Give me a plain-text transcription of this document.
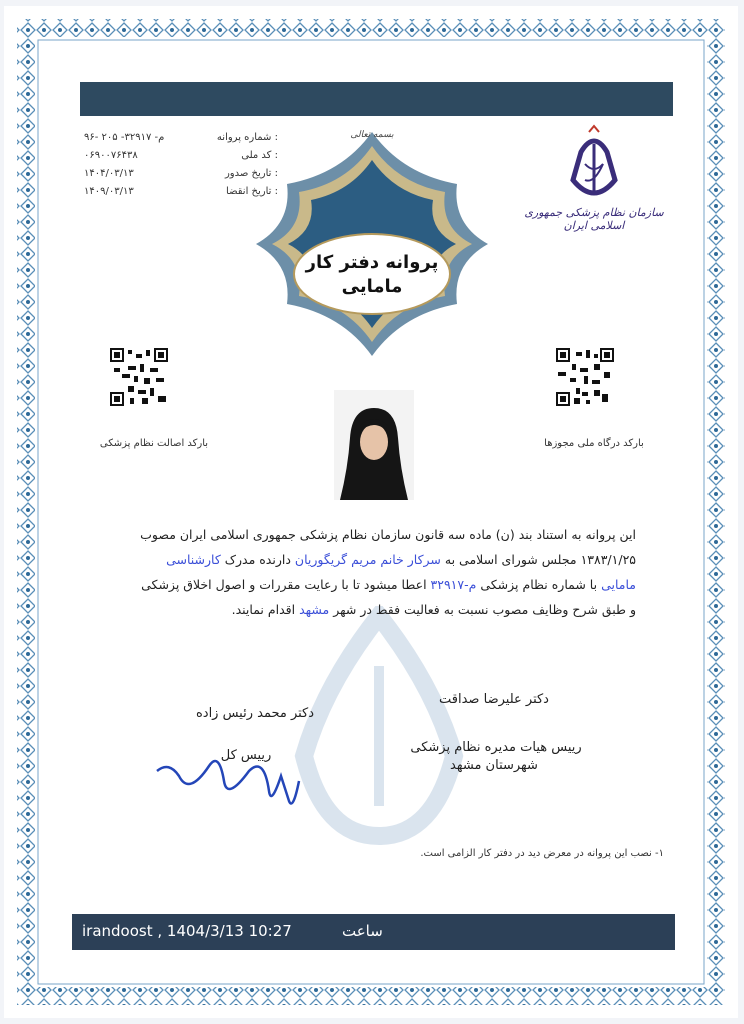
شماره پروانه :
۹۶- م- ۳۲۹۱۷- ۲۰۵
کد ملی :
۰۶۹۰۰۷۶۴۳۸
تاریخ صدور :
۱۴۰۴/۰۳/۱۳
تاریخ انقضا :
۱۴۰۹/۰۳/۱۳
سازمان نظام پزشکی جمهوری اسلامی ایران
بسمه تعالی
پروانه دفتر کار
مامایی
بارکد اصالت نظام پزشکی	بارکد درگاه ملی مجوزها
این پروانه به استناد بند (ن) ماده سه قانون سازمان نظام پزشکی جمهوری اسلامی ایران مصوب
۱۳۸۳/۱/۲۵ مجلس شورای اسلامی به سرکار خانم مریم گریگوریان دارنده مدرک کارشناسی
مامایی با شماره نظام پزشکی م-۳۲۹۱۷ اعطا میشود تا با رعایت مقررات و اصول اخلاق پزشکی
و طبق شرح وظایف مصوب نسبت به فعالیت فقط در شهر مشهد اقدام نمایند.
دکتر محمد رئیس زاده
رییس کل
دکتر علیرضا صداقت
رییس هیات مدیره نظام پزشکی
شهرستان مشهد
۱- نصب این پروانه در معرض دید در دفتر کار الزامی است.
irandoost , 1404/3/13 10:27	ساعت
